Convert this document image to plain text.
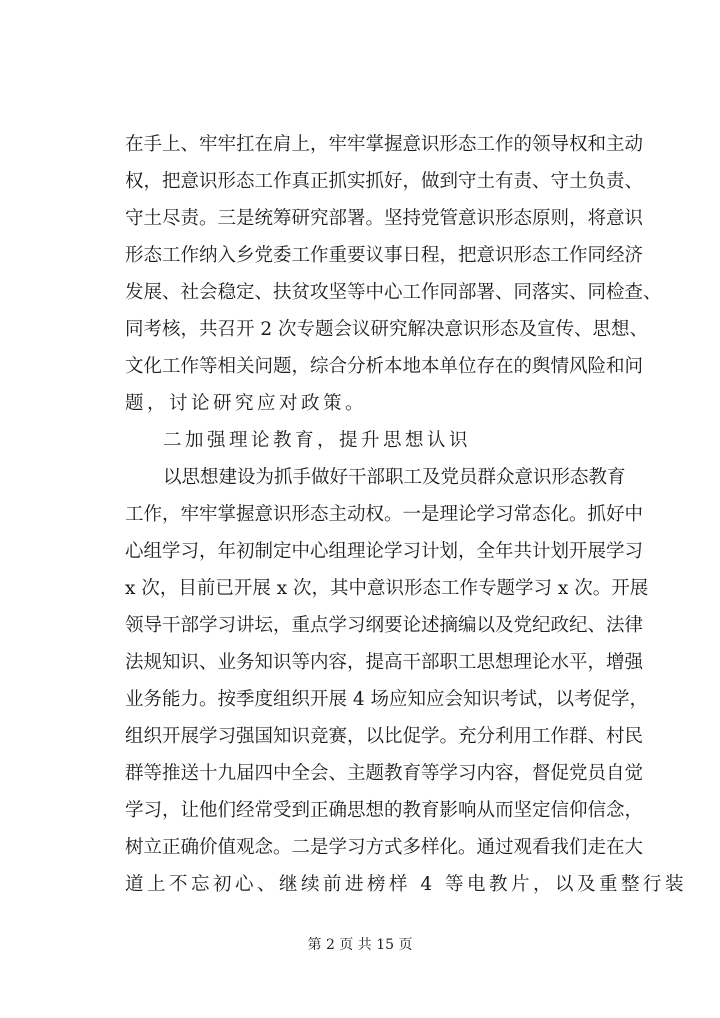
在手上、牢牢扛在肩上，牢牢掌握意识形态工作的领导权和主动
权，把意识形态工作真正抓实抓好，做到守土有责、守土负责、
守土尽责。三是统筹研究部署。坚持党管意识形态原则，将意识
形态工作纳入乡党委工作重要议事日程，把意识形态工作同经济
发展、社会稳定、扶贫攻坚等中心工作同部署、同落实、同检查、
同考核，共召开 2 次专题会议研究解决意识形态及宣传、思想、
文化工作等相关问题，综合分析本地本单位存在的舆情风险和问
题，讨论研究应对政策。
二加强理论教育，提升思想认识
以思想建设为抓手做好干部职工及党员群众意识形态教育
工作，牢牢掌握意识形态主动权。一是理论学习常态化。抓好中
心组学习，年初制定中心组理论学习计划，全年共计划开展学习
x 次，目前已开展 x 次，其中意识形态工作专题学习 x 次。开展
领导干部学习讲坛，重点学习纲要论述摘编以及党纪政纪、法律
法规知识、业务知识等内容，提高干部职工思想理论水平，增强
业务能力。按季度组织开展 4 场应知应会知识考试，以考促学，
组织开展学习强国知识竞赛，以比促学。充分利用工作群、村民
群等推送十九届四中全会、主题教育等学习内容，督促党员自觉
学习，让他们经常受到正确思想的教育影响从而坚定信仰信念，
树立正确价值观念。二是学习方式多样化。通过观看我们走在大
道上不忘初心、继续前进榜样 4 等电教片，以及重整行装
第 2 页 共 15 页
